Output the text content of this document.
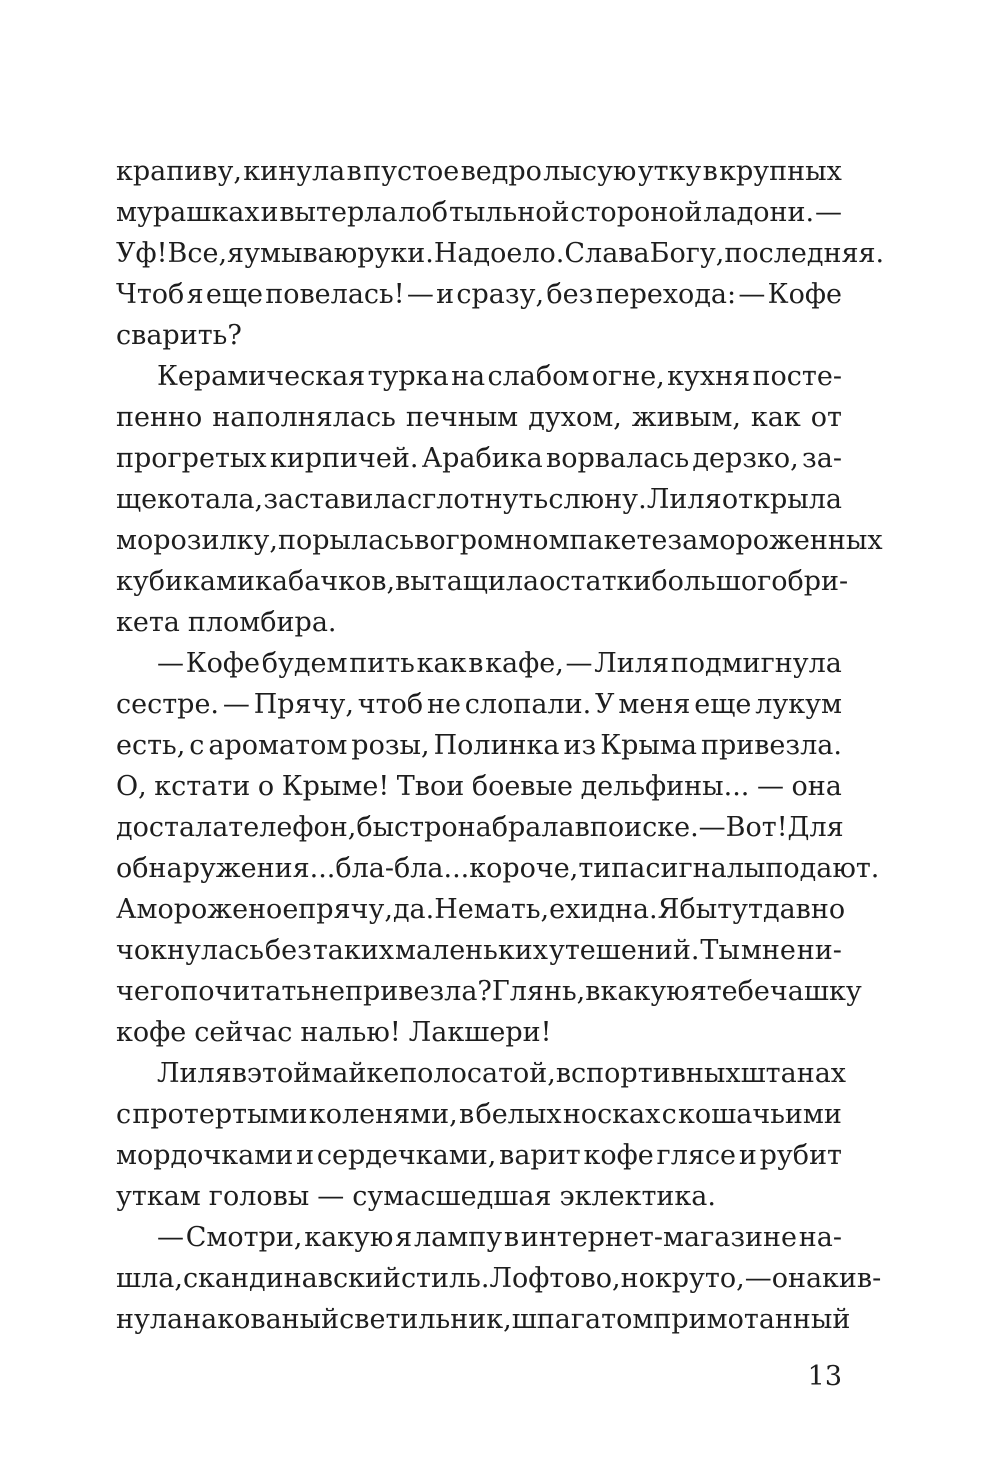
крапиву, кинула в пустое ведро лысую утку в крупных
мурашках и вытерла лоб тыльной стороной ладони. —
Уф! Все, я умываю руки. Надоело. Слава Богу, последняя.
Чтоб я еще повелась! — и сразу, без перехода: — Кофе
сварить?
Керамическая турка на слабом огне, кухня посте-
пенно наполнялась печным духом, живым, как от
прогретых кирпичей. Арабика ворвалась дерзко, за-
щекотала, заставила сглотнуть слюну. Лиля открыла
морозилку, порылась в огромном пакете замороженных
кубиками кабачков, вытащила остатки большого бри-
кета пломбира.
— Кофе будем пить как в кафе, — Лиля подмигнула
сестре. — Прячу, чтоб не слопали. У меня еще лукум
есть, с ароматом розы, Полинка из Крыма привезла.
О, кстати о Крыме! Твои боевые дельфины... — она
достала телефон, быстро набрала в поиске. — Вот! Для
обнаружения... бла-бла... короче, типа сигналы подают.
А мороженое прячу, да. Не мать, ехидна. Я бы тут давно
чокнулась без таких маленьких утешений. Ты мне ни-
чего почитать не привезла? Глянь, в какую я тебе чашку
кофе сейчас налью! Лакшери!
Лиля в этой майке полосатой, в спортивных штанах
с протертыми коленями, в белых носках с кошачьими
мордочками и сердечками, варит кофе глясе и рубит
уткам головы — сумасшедшая эклектика.
— Смотри, какую я лампу в интернет-магазине на-
шла, скандинавский стиль. Лофтово, но круто, — она кив-
нула на кованый светильник, шпагатом примотанный
13
